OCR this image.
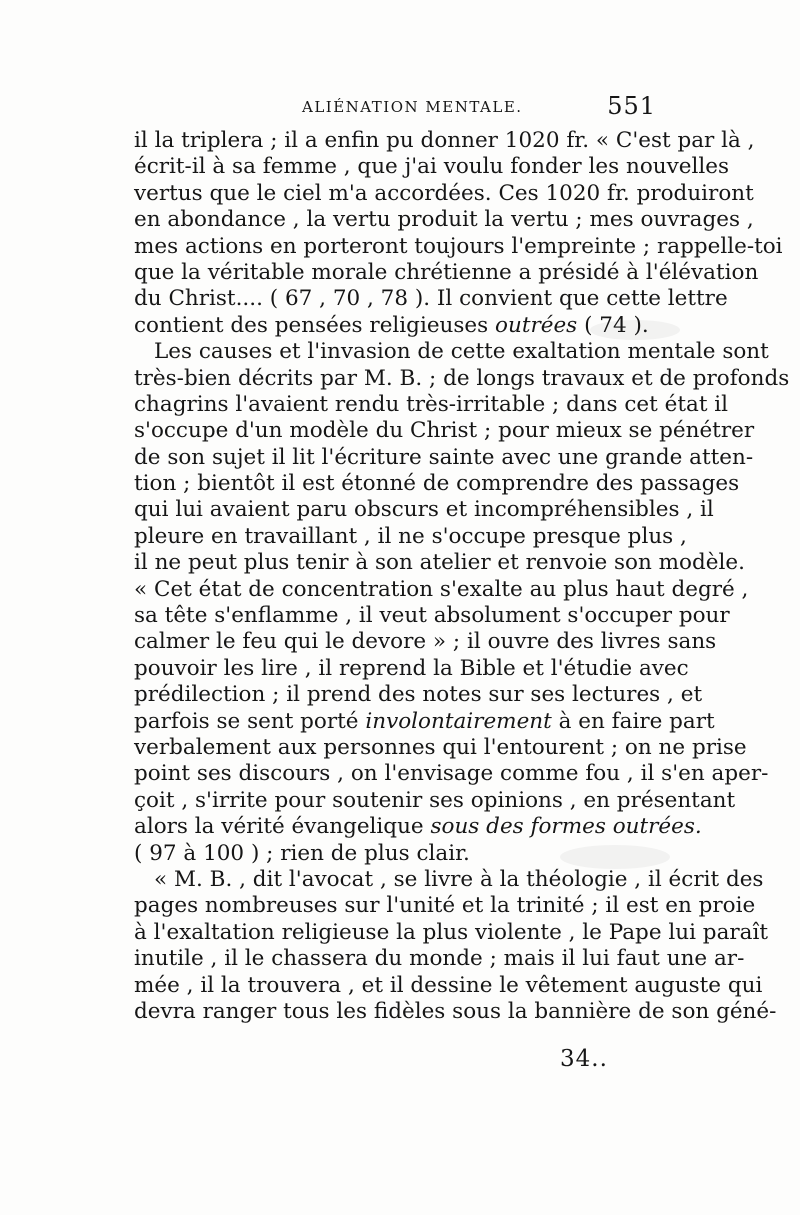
ALIÉNATION MENTALE.	551
il la triplera ; il a enfin pu donner 1020 fr. « C'est par là ,
écrit-il à sa femme , que j'ai voulu fonder les nouvelles
vertus que le ciel m'a accordées. Ces 1020 fr. produiront
en abondance , la vertu produit la vertu ; mes ouvrages ,
mes actions en porteront toujours l'empreinte ; rappelle-toi
que la véritable morale chrétienne a présidé à l'élévation
du Christ.... ( 67 , 70 , 78 ). Il convient que cette lettre
contient des pensées religieuses outrées ( 74 ).
Les causes et l'invasion de cette exaltation mentale sont
très-bien décrits par M. B. ; de longs travaux et de profonds
chagrins l'avaient rendu très-irritable ; dans cet état il
s'occupe d'un modèle du Christ ; pour mieux se pénétrer
de son sujet il lit l'écriture sainte avec une grande atten-
tion ; bientôt il est étonné de comprendre des passages
qui lui avaient paru obscurs et incompréhensibles , il
pleure en travaillant , il ne s'occupe presque plus ,
il ne peut plus tenir à son atelier et renvoie son modèle.
« Cet état de concentration s'exalte au plus haut degré ,
sa tête s'enflamme , il veut absolument s'occuper pour
calmer le feu qui le devore » ; il ouvre des livres sans
pouvoir les lire , il reprend la Bible et l'étudie avec
prédilection ; il prend des notes sur ses lectures , et
parfois se sent porté involontairement à en faire part
verbalement aux personnes qui l'entourent ; on ne prise
point ses discours , on l'envisage comme fou , il s'en aper-
çoit , s'irrite pour soutenir ses opinions , en présentant
alors la vérité évangelique sous des formes outrées.
( 97 à 100 ) ; rien de plus clair.
« M. B. , dit l'avocat , se livre à la théologie , il écrit des
pages nombreuses sur l'unité et la trinité ; il est en proie
à l'exaltation religieuse la plus violente , le Pape lui paraît
inutile , il le chassera du monde ; mais il lui faut une ar-
mée , il la trouvera , et il dessine le vêtement auguste qui
devra ranger tous les fidèles sous la bannière de son géné-
34..
